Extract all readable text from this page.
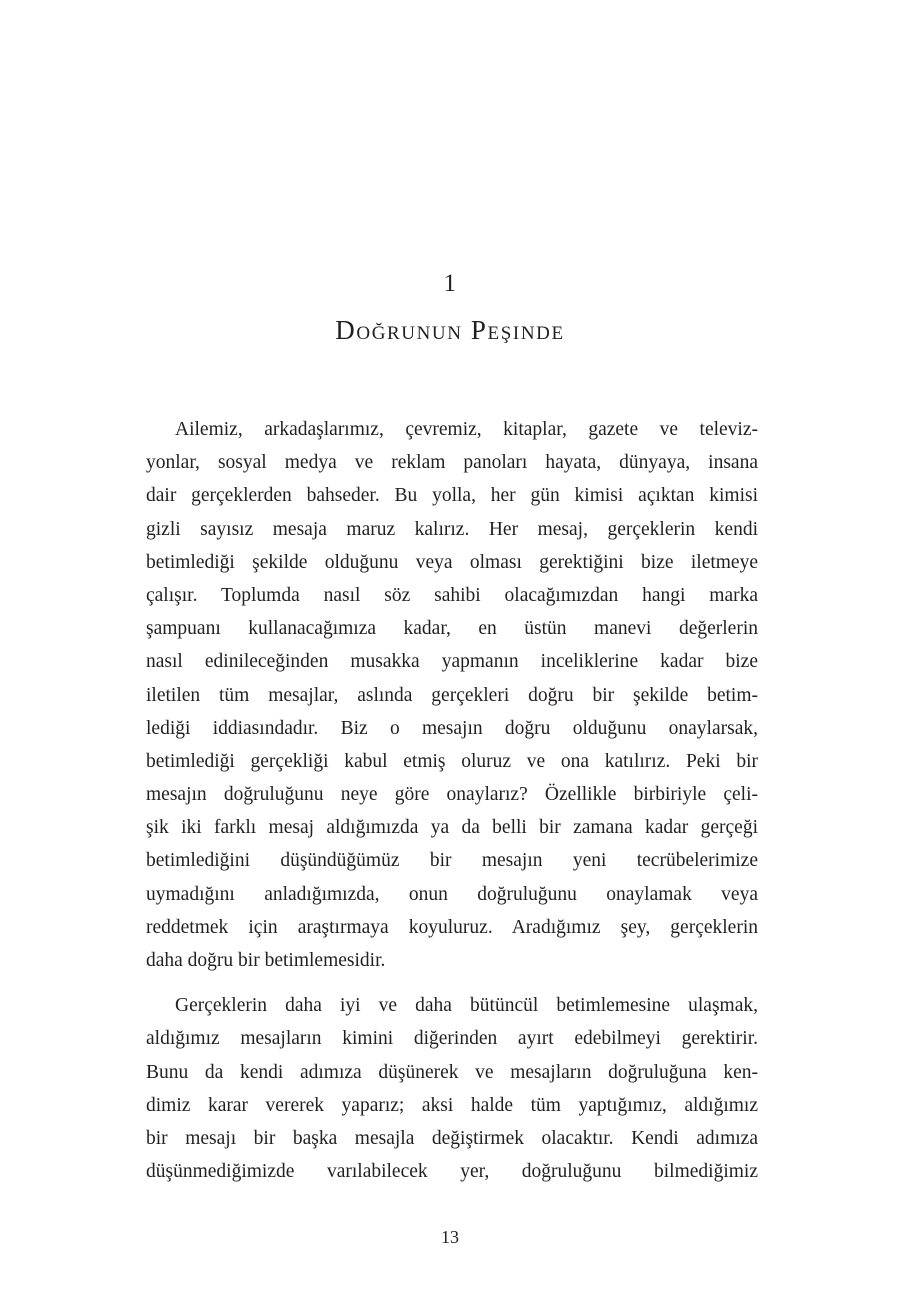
1
Doğrunun Peşinde

Ailemiz, arkadaşlarımız, çevremiz, kitaplar, gazete ve televiz-
yonlar, sosyal medya ve reklam panoları hayata, dünyaya, insana
dair gerçeklerden bahseder. Bu yolla, her gün kimisi açıktan kimisi
gizli sayısız mesaja maruz kalırız. Her mesaj, gerçeklerin kendi
betimlediği şekilde olduğunu veya olması gerektiğini bize iletmeye
çalışır. Toplumda nasıl söz sahibi olacağımızdan hangi marka
şampuanı kullanacağımıza kadar, en üstün manevi değerlerin
nasıl edinileceğinden musakka yapmanın inceliklerine kadar bize
iletilen tüm mesajlar, aslında gerçekleri doğru bir şekilde betim-
lediği iddiasındadır. Biz o mesajın doğru olduğunu onaylarsak,
betimlediği gerçekliği kabul etmiş oluruz ve ona katılırız. Peki bir
mesajın doğruluğunu neye göre onaylarız? Özellikle birbiriyle çeli-
şik iki farklı mesaj aldığımızda ya da belli bir zamana kadar gerçeği
betimlediğini düşündüğümüz bir mesajın yeni tecrübelerimize
uymadığını anladığımızda, onun doğruluğunu onaylamak veya
reddetmek için araştırmaya koyuluruz. Aradığımız şey, gerçeklerin
daha doğru bir betimlemesidir.

Gerçeklerin daha iyi ve daha bütüncül betimlemesine ulaşmak,
aldığımız mesajların kimini diğerinden ayırt edebilmeyi gerektirir.
Bunu da kendi adımıza düşünerek ve mesajların doğruluğuna ken-
dimiz karar vererek yaparız; aksi halde tüm yaptığımız, aldığımız
bir mesajı bir başka mesajla değiştirmek olacaktır. Kendi adımıza
düşünmediğimizde varılabilecek yer, doğruluğunu bilmediğimiz

13
